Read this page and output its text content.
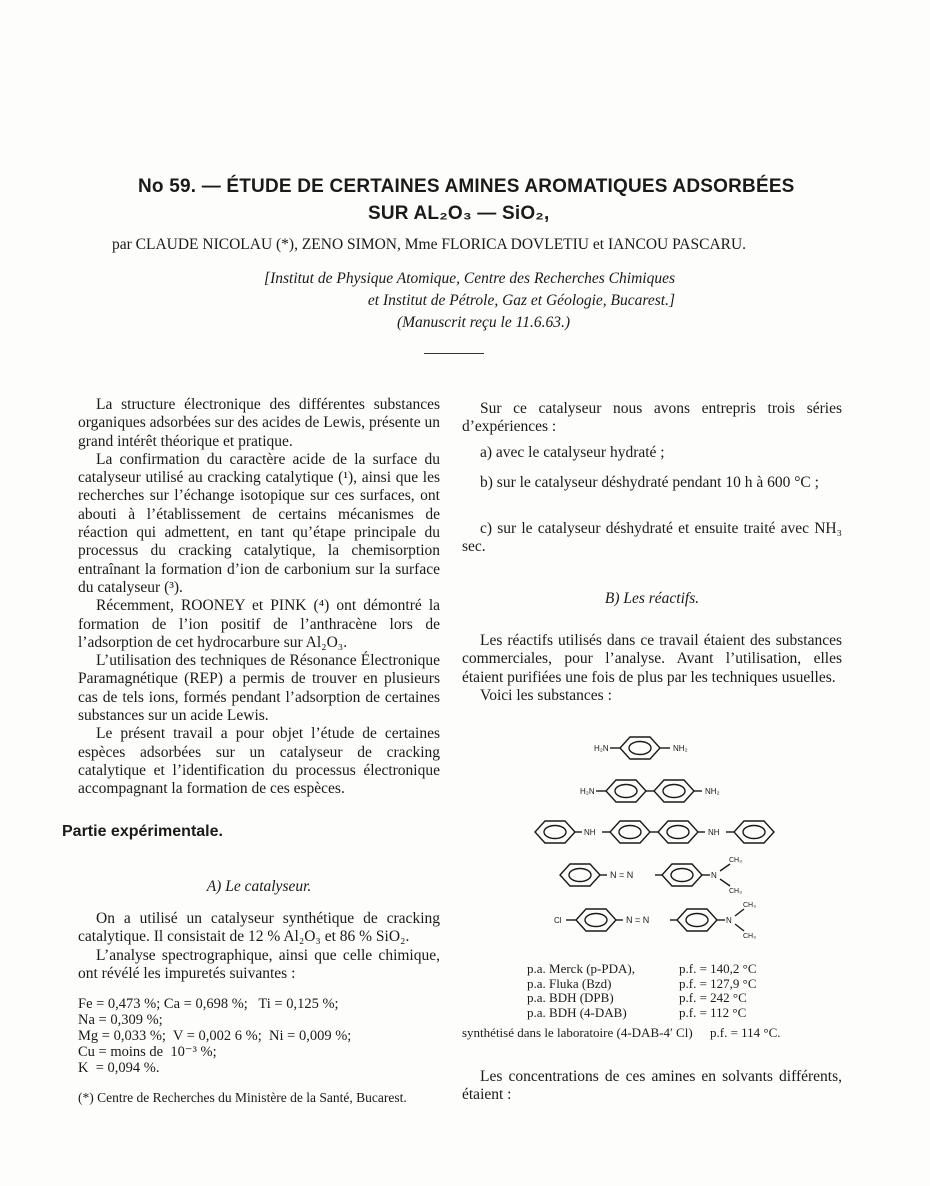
No 59. — ÉTUDE DE CERTAINES AMINES AROMATIQUES ADSORBÉES
SUR AL₂O₃ — SiO₂,
par CLAUDE NICOLAU (*), ZENO SIMON, Mme FLORICA DOVLETIU et IANCOU PASCARU.
[Institut de Physique Atomique, Centre des Recherches Chimiques
et Institut de Pétrole, Gaz et Géologie, Bucarest.]
(Manuscrit reçu le 11.6.63.)

La structure électronique des différentes substances organiques adsorbées sur des acides de Lewis, présente un grand intérêt théorique et pratique.

La confirmation du caractère acide de la surface du catalyseur utilisé au cracking catalytique (¹), ainsi que les recherches sur l’échange isotopique sur ces surfaces, ont abouti à l’établissement de certains mécanismes de réaction qui admettent, en tant qu’étape principale du processus du cracking catalytique, la chemisorption entraînant la formation d’ion de carbonium sur la surface du catalyseur (³).

Récemment, ROONEY et PINK (⁴) ont démontré la formation de l’ion positif de l’anthracène lors de l’adsorption de cet hydrocarbure sur Al₂O₃.

L’utilisation des techniques de Résonance Électronique Paramagnétique (REP) a permis de trouver en plusieurs cas de tels ions, formés pendant l’adsorption de certaines substances sur un acide Lewis.

Le présent travail a pour objet l’étude de certaines espèces adsorbées sur un catalyseur de cracking catalytique et l’identification du processus électronique accompagnant la formation de ces espèces.

Partie expérimentale.
A) Le catalyseur.

On a utilisé un catalyseur synthétique de cracking catalytique. Il consistait de 12 % Al₂O₃ et 86 % SiO₂.

L’analyse spectrographique, ainsi que celle chimique, ont révélé les impuretés suivantes :

Fe = 0,473 %; Ca = 0,698 %;   Ti = 0,125 %;
Na = 0,309 %;
Mg = 0,033 %;  V = 0,002 6 %;  Ni = 0,009 %;
Cu = moins de  10⁻³ %;
K  = 0,094 %.
(*) Centre de Recherches du Ministère de la Santé, Bucarest.

Sur ce catalyseur nous avons entrepris trois séries d’expériences :

a) avec le catalyseur hydraté ;

b) sur le catalyseur déshydraté pendant 10 h à 600 °C ;

c) sur le catalyseur déshydraté et ensuite traité avec NH₃ sec.

B) Les réactifs.

Les réactifs utilisés dans ce travail étaient des substances commerciales, pour l’analyse. Avant l’utilisation, elles étaient purifiées une fois de plus par les techniques usuelles.

Voici les substances :

H₂N	NH₂
H₂N	NH₂
NH	NH
N = N	N
CH₃
CH₃
Cl	N = N	N
CH₃
CH₃
p.a. Merck (p-PDA),	p.f. = 140,2 °C
p.a. Fluka (Bzd)	p.f. = 127,9 °C
p.a. BDH (DPB)	p.f. = 242 °C
p.a. BDH (4-DAB)	p.f. = 112 °C
synthétisé dans le laboratoire (4-DAB-4′ Cl) p.f. = 114 °C.

Les concentrations de ces amines en solvants différents, étaient :
